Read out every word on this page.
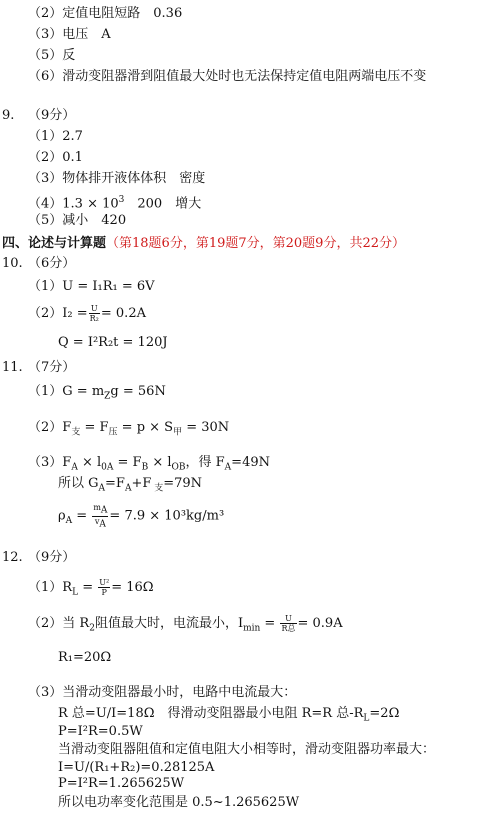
（2）定值电阻短路　0.36
（3）电压　A
（5）反
（6）滑动变阻器滑到阻值最大处时也无法保持定值电阻两端电压不变
9. （9分）
（1）2.7
（2）0.1
（3）物体排开液体体积　密度
$(4)1.3 \times 10^3$　200　增大
（5）减小　420
四、论述与计算题（第18题6分，第19题7分，第20题9分，共22分）
10. （6分）
（1）U = I₁R₁ = 6V
$(2)I_2 = \frac{U}{\text{R₂}} = 0.2A$
Q = I²R₂t = 120J
11. （7分）
$(1)G = m_Zg = 56N$
$(2)F_支 = F_压 = p \times S_甲 = 30N$
$(3)F_A \times l_{0A} = F_B \times l_{OB}$，得 $F_A=49N$
所以 $G_A=F_A+F$ $_支$=79N
$\rho_A = \frac{m_A}{v_A} = 7.9 \times 10^3kg/m^3$
12. （9分）
$(1)R_L = \frac{\text{U²}}{P} = 16\Omega$
（2）当 $R_2$阻值最大时，电流最小，$I_{min} = \frac{U}{\text{R总}} = 0.9A$
R₁=20Ω
（3）当滑动变阻器最小时，电路中电流最大：
R 总=U/I=18Ω　得滑动变阻器最小电阻 R=R 总$-R_L=2\Omega$
P=I²R=0.5W
当滑动变阻器阻值和定值电阻大小相等时，滑动变阻器功率最大：
I=U/(R₁+R₂)=0.28125A
P=I²R=1.265625W
所以电功率变化范围是 0.5~1.265625W
